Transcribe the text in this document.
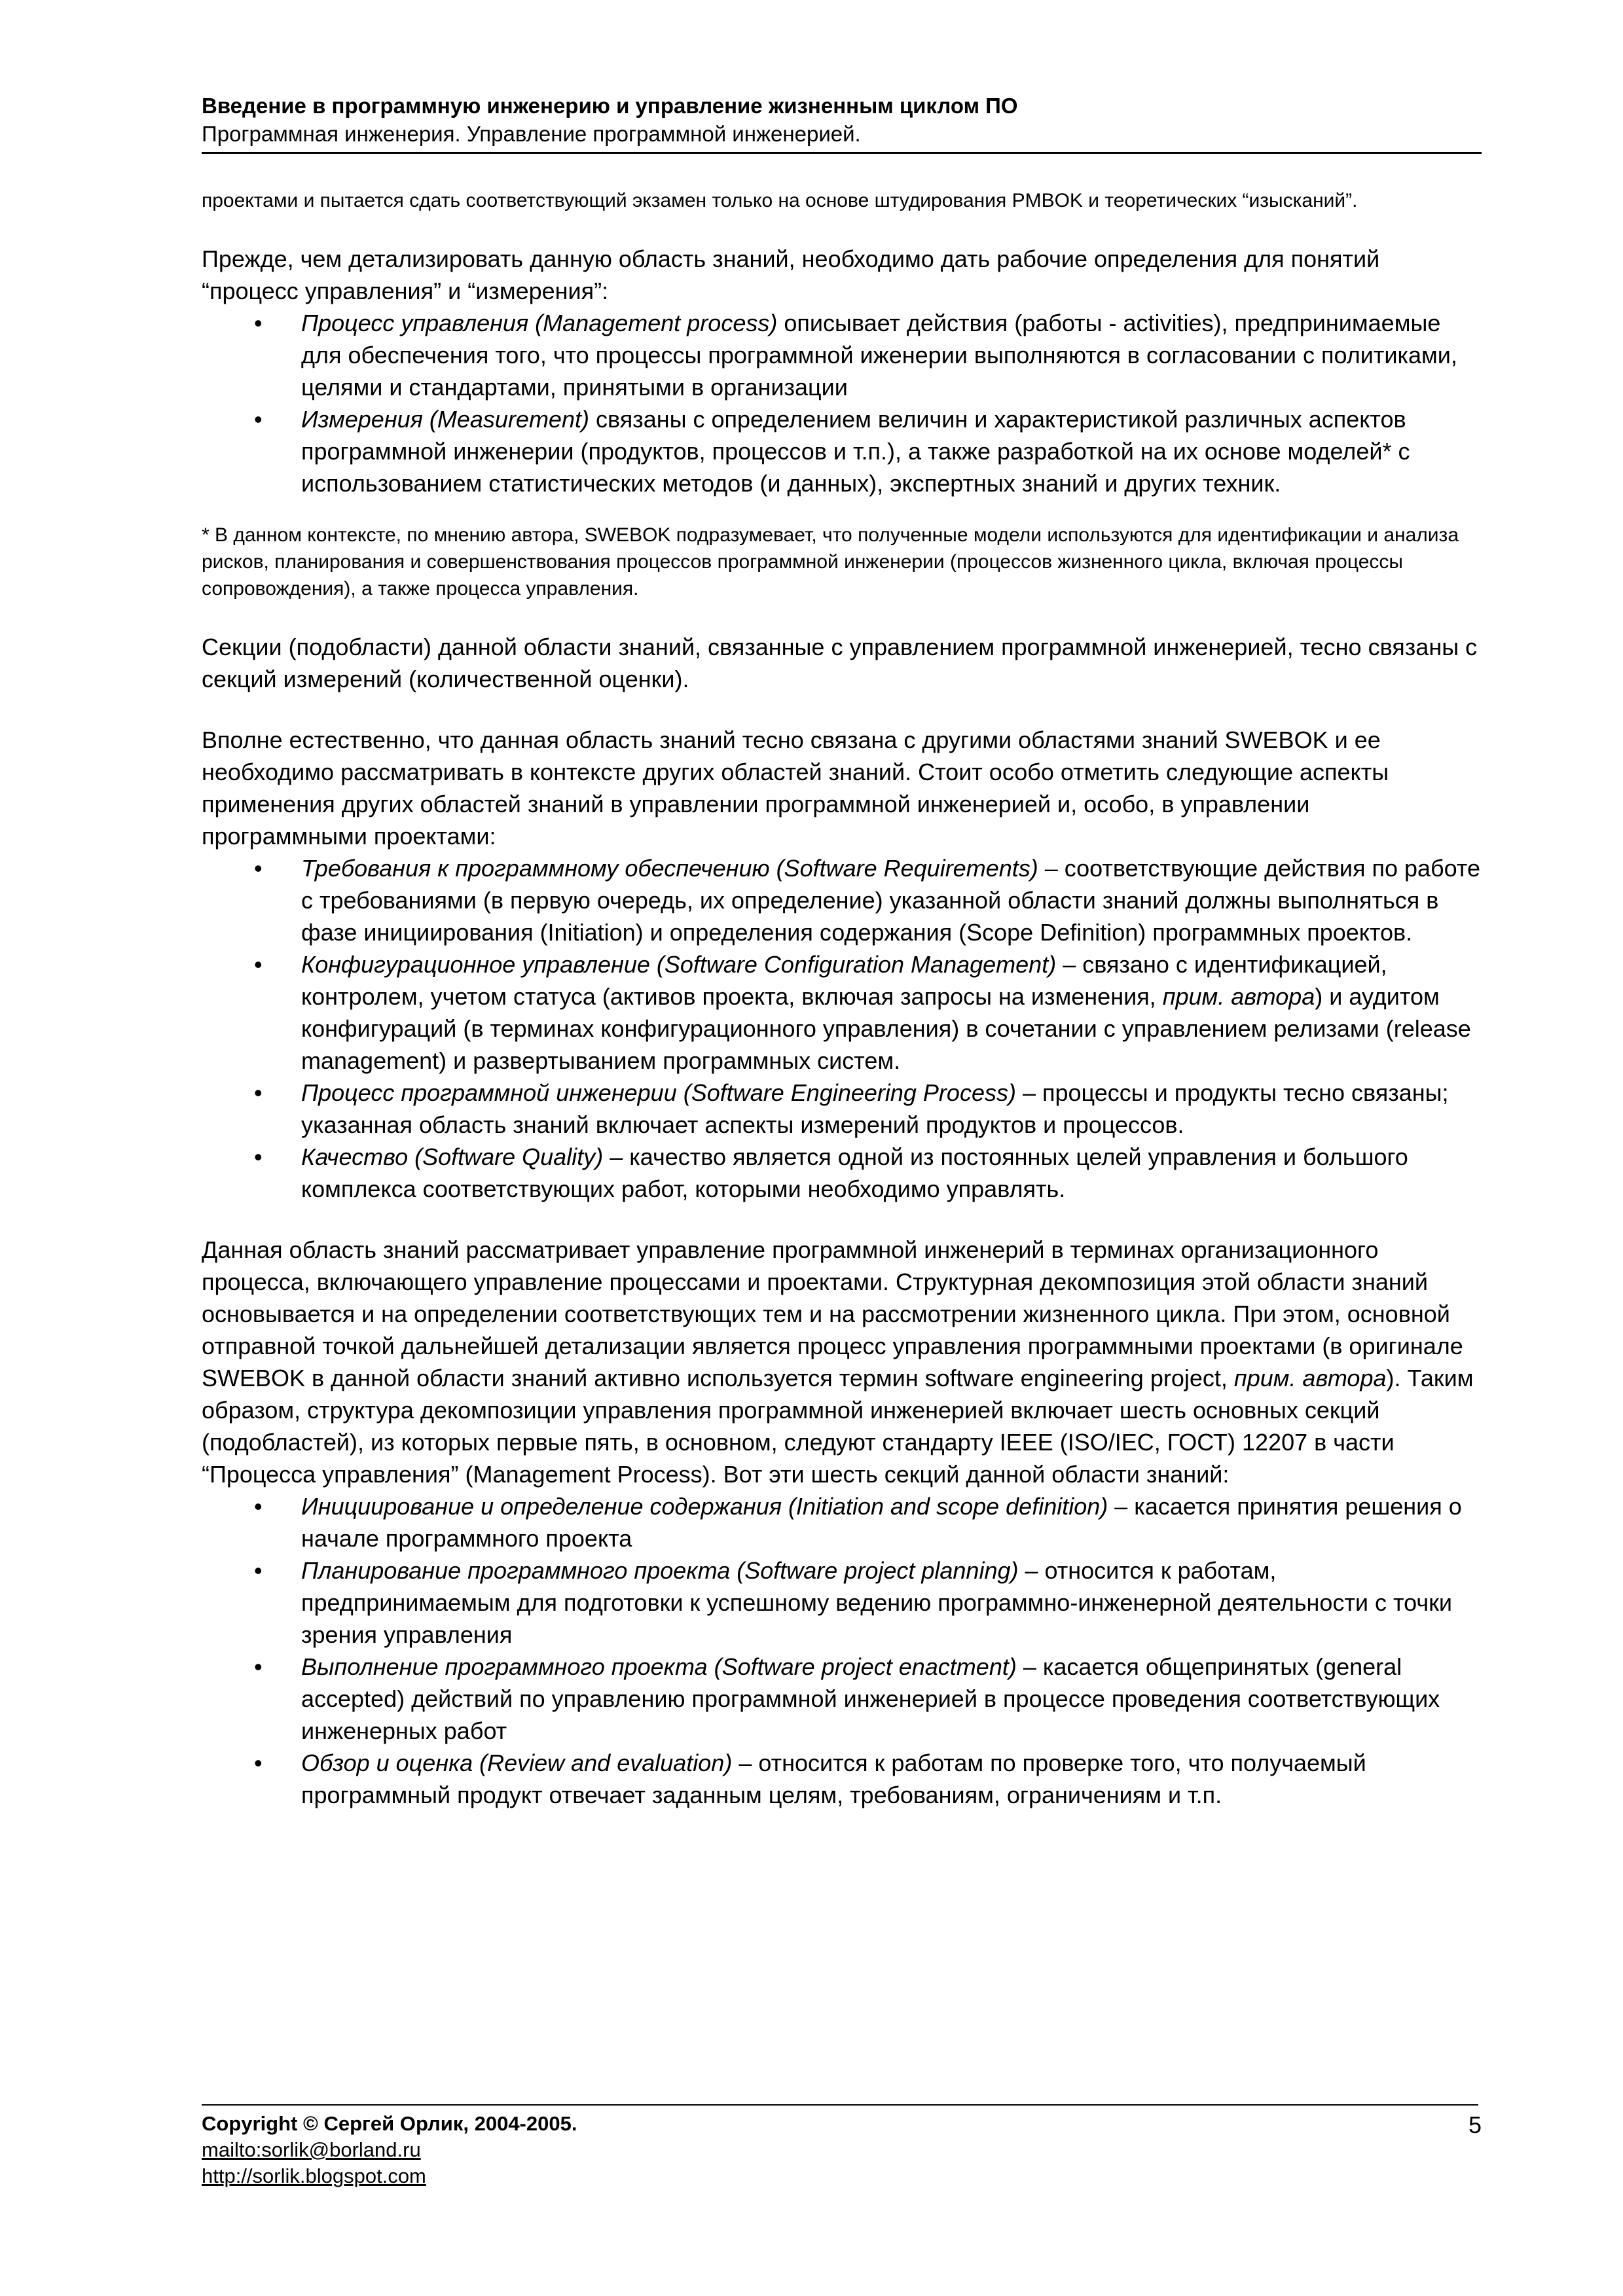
Введение в программную инженерию и управление жизненным циклом ПО
Программная инженерия. Управление программной инженерией.
проектами и пытается сдать соответствующий экзамен только на основе штудирования PMBOK и теоретических “изысканий”.
Прежде, чем детализировать данную область знаний, необходимо дать рабочие определения для понятий “процесс управления” и “измерения”:
• Процесс управления (Management process) описывает действия (работы - activities), предпринимаемые для обеспечения того, что процессы программной иженерии выполняются в согласовании с политиками, целями и стандартами, принятыми в организации
• Измерения (Measurement) связаны с определением величин и характеристикой различных аспектов программной инженерии (продуктов, процессов и т.п.), а также разработкой на их основе моделей* с использованием статистических методов (и данных), экспертных знаний и других техник.
* В данном контексте, по мнению автора, SWEBOK подразумевает, что полученные модели используются для идентификации и анализа рисков, планирования и совершенствования процессов программной инженерии (процессов жизненного цикла, включая процессы сопровождения), а также процесса управления.
Секции (подобласти) данной области знаний, связанные с управлением программной инженерией, тесно связаны с секций измерений (количественной оценки).
Вполне естественно, что данная область знаний тесно связана с другими областями знаний SWEBOK и ее необходимо рассматривать в контексте других областей знаний. Стоит особо отметить следующие аспекты применения других областей знаний в управлении программной инженерией и, особо, в управлении программными проектами:
• Требования к программному обеспечению (Software Requirements) – соответствующие действия по работе с требованиями (в первую очередь, их определение) указанной области знаний должны выполняться в фазе инициирования (Initiation) и определения содержания (Scope Definition) программных проектов.
• Конфигурационное управление (Software Configuration Management) – связано с идентификацией, контролем, учетом статуса (активов проекта, включая запросы на изменения, прим. автора) и аудитом конфигураций (в терминах конфигурационного управления) в сочетании с управлением релизами (release management) и развертыванием программных систем.
• Процесс программной инженерии (Software Engineering Process) – процессы и продукты тесно связаны; указанная область знаний включает аспекты измерений продуктов и процессов.
• Качество (Software Quality) – качество является одной из постоянных целей управления и большого комплекса соответствующих работ, которыми необходимо управлять.
Данная область знаний рассматривает управление программной инженерий в терминах организационного процесса, включающего управление процессами и проектами. Структурная декомпозиция этой области знаний основывается и на определении соответствующих тем и на рассмотрении жизненного цикла. При этом, основной отправной точкой дальнейшей детализации является процесс управления программными проектами (в оригинале SWEBOK в данной области знаний активно используется термин software engineering project, прим. автора). Таким образом, структура декомпозиции управления программной инженерией включает шесть основных секций (подобластей), из которых первые пять, в основном, следуют стандарту IEEE (ISO/IEC, ГОСТ) 12207 в части “Процесса управления” (Management Process). Вот эти шесть секций данной области знаний:
• Инициирование и определение содержания (Initiation and scope definition) – касается принятия решения о начале программного проекта
• Планирование программного проекта (Software project planning) – относится к работам, предпринимаемым для подготовки к успешному ведению программно-инженерной деятельности с точки зрения управления
• Выполнение программного проекта (Software project enactment) – касается общепринятых (general accepted) действий по управлению программной инженерией в процессе проведения соответствующих инженерных работ
• Обзор и оценка (Review and evaluation) – относится к работам по проверке того, что получаемый программный продукт отвечает заданным целям, требованиям, ограничениям и т.п.
Copyright © Сергей Орлик, 2004-2005.
mailto:sorlik@borland.ru
http://sorlik.blogspot.com
5
